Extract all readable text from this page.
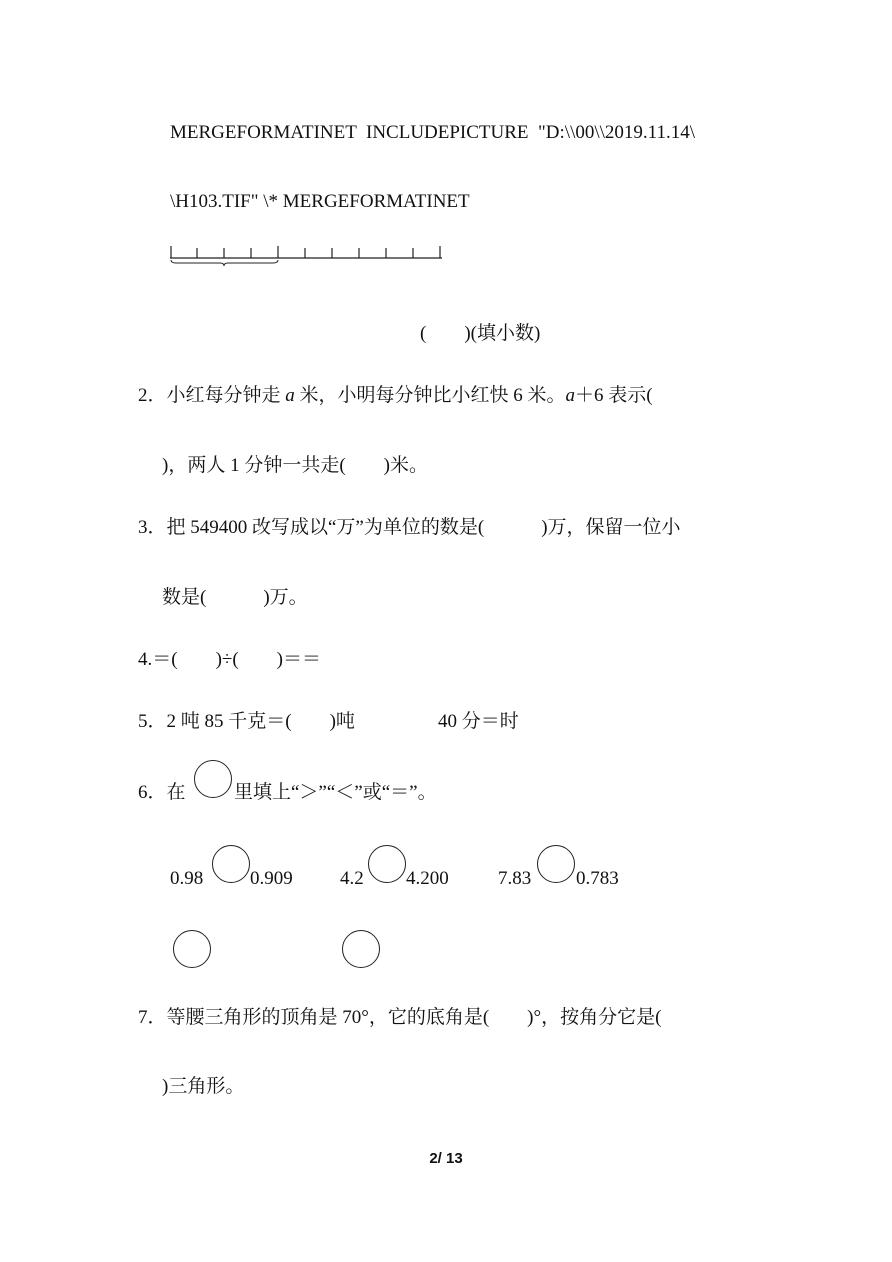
MERGEFORMATINET  INCLUDEPICTURE  "D:\\00\\2019.11.14\
\H103.TIF" \* MERGEFORMATINET
(        )(填小数)
2．小红每分钟走 a 米，小明每分钟比小红快 6 米。a＋6 表示(
)，两人 1 分钟一共走(        )米。
3．把 549400 改写成以“万”为单位的数是(            )万，保留一位小
数是(            )万。
4.＝(        )÷(        )＝＝
5．2 吨 85 千克＝(        )吨	40 分＝时
6．在	里填上“＞”“＜”或“＝”。
0.98 0.909 4.2 4.200	7.83 0.783
7．等腰三角形的顶角是 70°，它的底角是(        )°，按角分它是(
)三角形。
2/ 13
